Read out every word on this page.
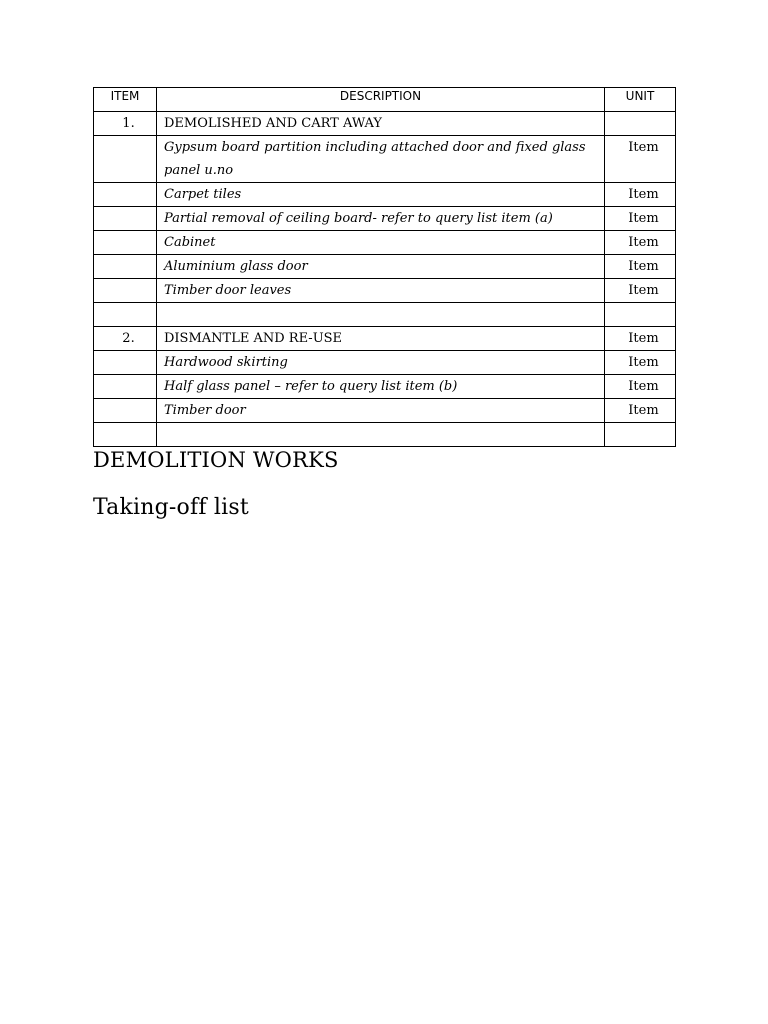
ITEM	DESCRIPTION	UNIT
1.	DEMOLISHED AND CART AWAY	
	Gypsum board partition including attached door and fixed glass panel u.no	Item
	Carpet tiles	Item
	Partial removal of ceiling board- refer to query list item (a)	Item
	Cabinet	Item
	Aluminium glass door	Item
	Timber door leaves	Item

2.	DISMANTLE AND RE-USE	Item
	Hardwood skirting	Item
	Half glass panel – refer to query list item (b)	Item
	Timber door	Item

DEMOLITION WORKS
Taking-off list
